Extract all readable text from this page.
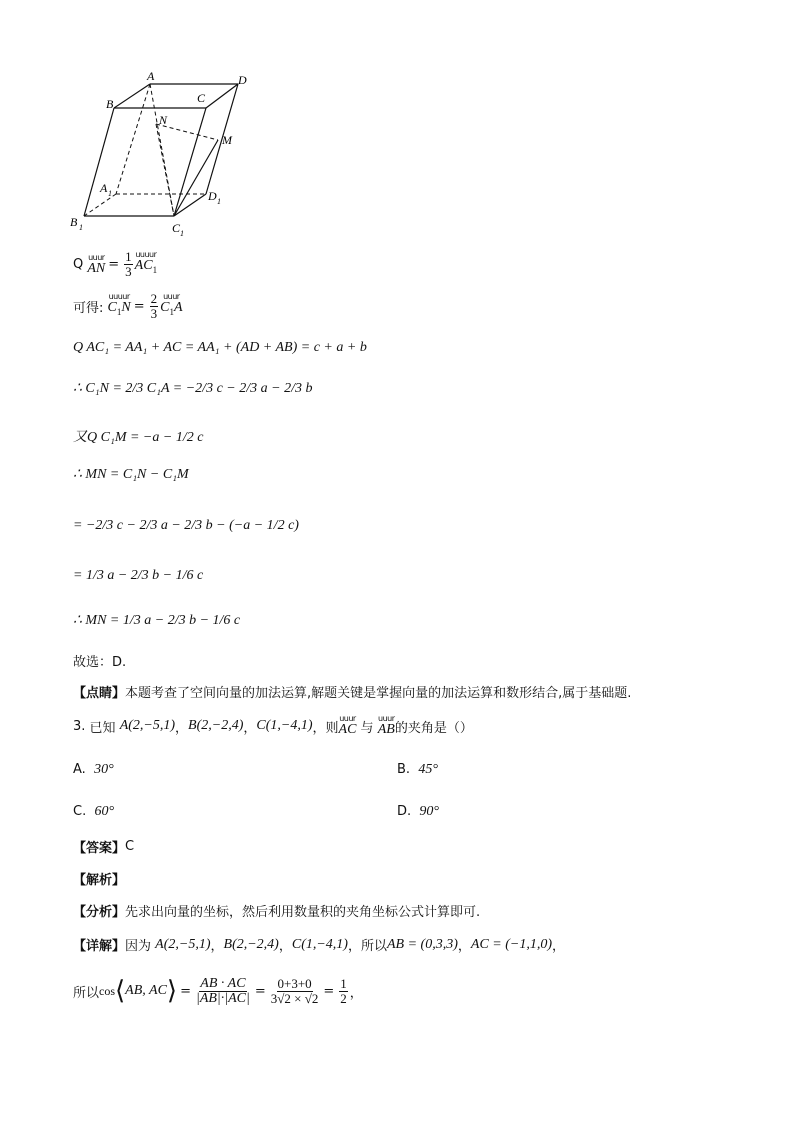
A
B	C
D
N
M
A 1
B 1	C 1
D 1
Q
uuur
AN = $\frac{1}{3}$ uuuur
$AC_1$
可得:

uuuur
$C_1N = \frac{2}{3}$ uuur
$C_1A$
Q AC₁ = AA₁ + AC = AA₁ + (AD + AB) = c + a + b
∴ C₁N = 2/3 C₁A = −2/3 c − 2/3 a − 2/3 b
又Q C₁M = −a − 1/2 c
∴ MN = C₁N − C₁M
= −2/3 c − 2/3 a − 2/3 b − (−a − 1/2 c)
= 1/3 a − 2/3 b − 1/6 c
∴ MN = 1/3 a − 2/3 b − 1/6 c
故选：D.
【点睛】 本题考查了空间向量的加法运算,解题关键是掌握向量的加法运算和数形结合,属于基础题.
3.
已知
A(2,−5,1) ， B(2,−2,4) ， C(1,−4,1) ，则
uuur
AC
与

uuur
AB 的夹角是（）
A. 30°	B. 45°
C. 60°	D. 90°
【答案】 C
【解析】
【分析】 先求出向量的坐标，然后利用数量积的夹角坐标公式计算即可.
【详解】 因为
A(2,−5,1) ， B(2,−2,4) ， C(1,−4,1) ， 所以 AB = (0,3,3) ， AC = (−1,1,0) ，
所以 cos ⟨ AB, AC ⟩ = $\frac{AB \cdot AC}{|AB|\cdot|AC|} = \frac{0+3+0}{3√2 \times √2} = \frac{1}{2}$ ，
